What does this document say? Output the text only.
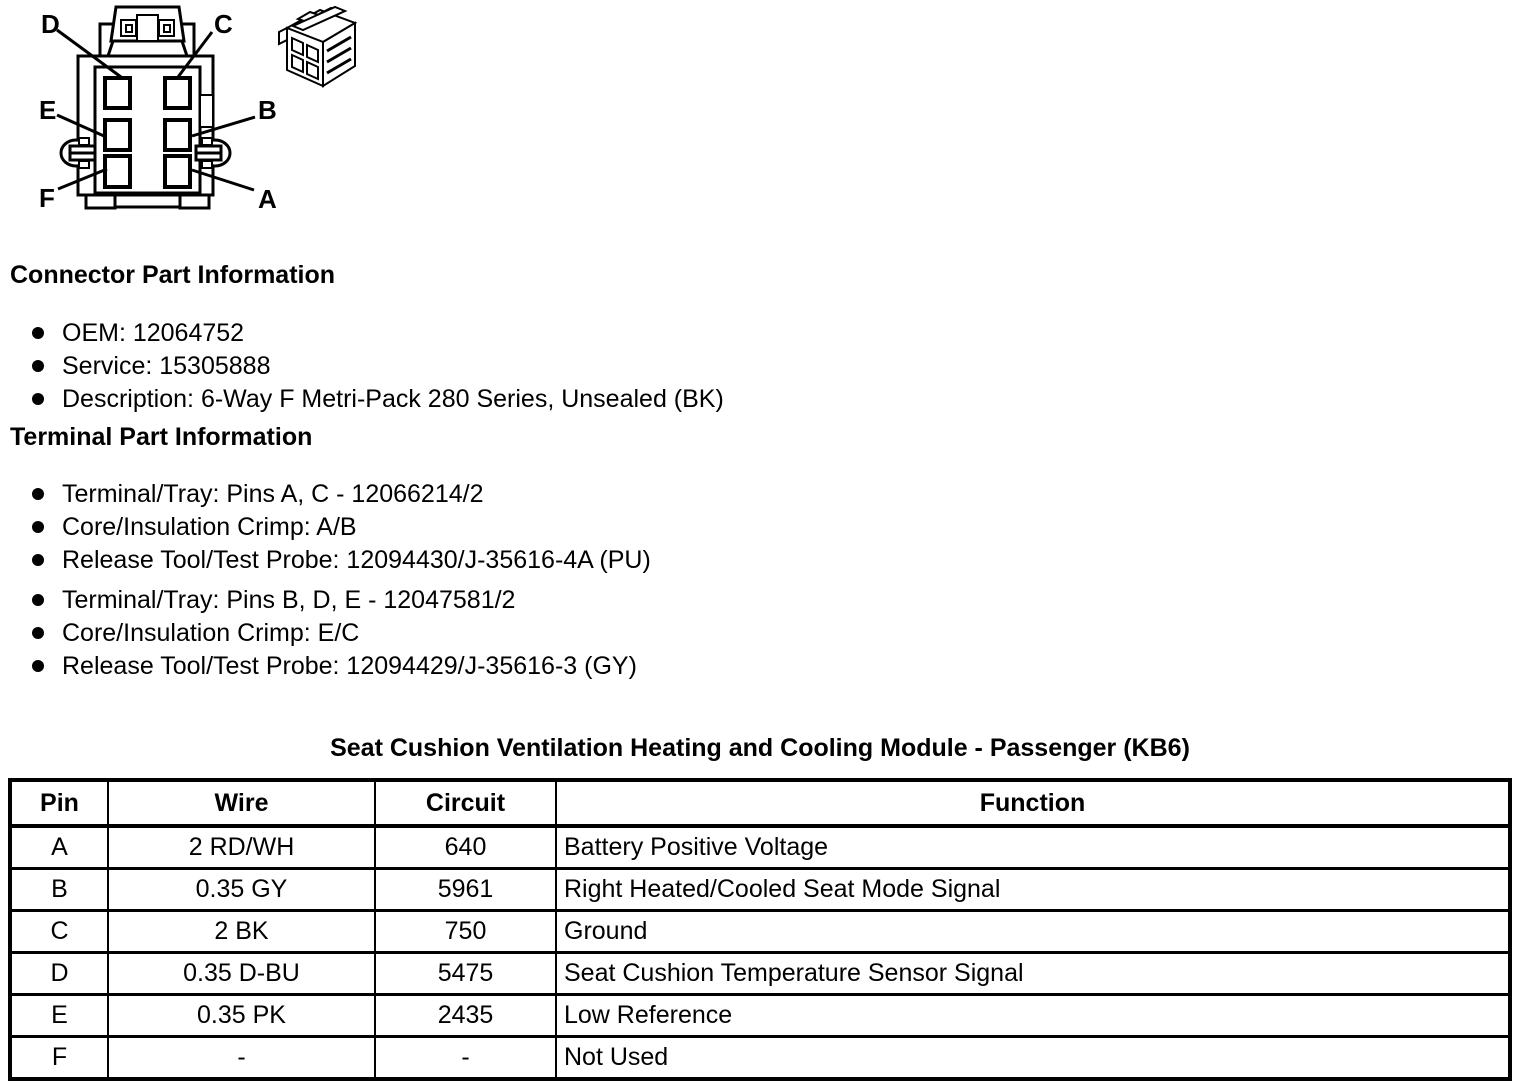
D	C
E	B
F	A
Connector Part Information
OEM: 12064752
Service: 15305888
Description: 6-Way F Metri-Pack 280 Series, Unsealed (BK)
Terminal Part Information
Terminal/Tray: Pins A, C - 12066214/2
Core/Insulation Crimp: A/B
Release Tool/Test Probe: 12094430/J-35616-4A (PU)
Terminal/Tray: Pins B, D, E - 12047581/2
Core/Insulation Crimp: E/C
Release Tool/Test Probe: 12094429/J-35616-3 (GY)
Seat Cushion Ventilation Heating and Cooling Module - Passenger (KB6)
Pin	Wire	Circuit	Function
A	2 RD/WH	640	Battery Positive Voltage
B	0.35 GY	5961	Right Heated/Cooled Seat Mode Signal
C	2 BK	750	Ground
D	0.35 D-BU	5475	Seat Cushion Temperature Sensor Signal
E	0.35 PK	2435	Low Reference
F	-	-	Not Used
